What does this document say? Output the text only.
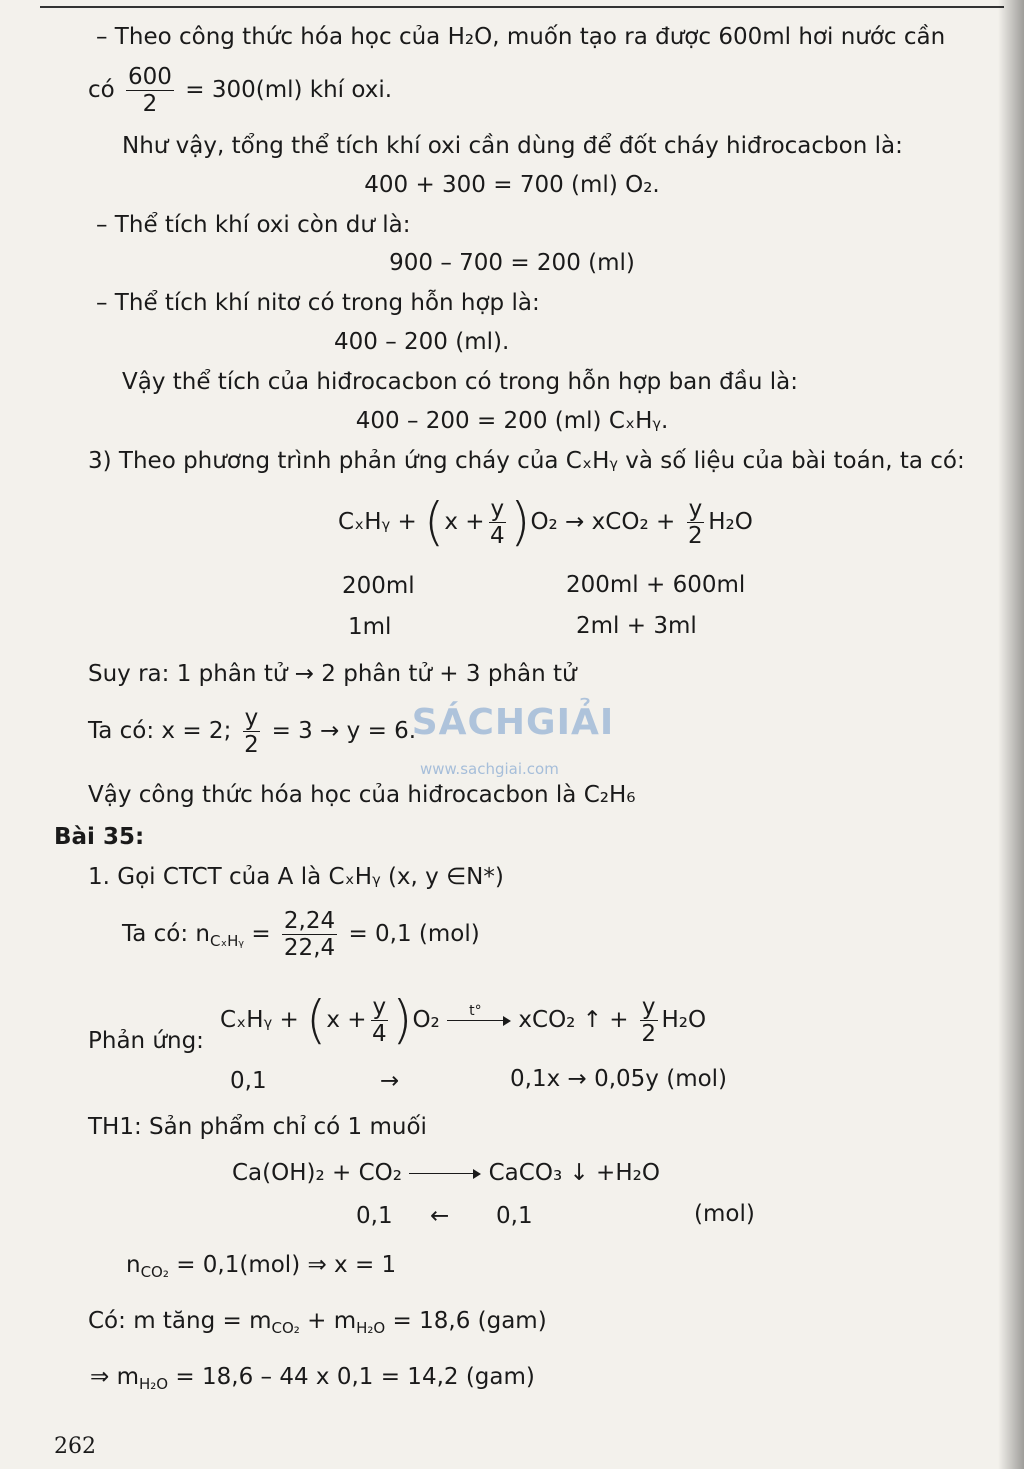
– Theo công thức hóa học của H₂O, muốn tạo ra được 600ml hơi nước cần
có $\frac{600}{2} = 300(ml)$ khí oxi.
Như vậy, tổng thể tích khí oxi cần dùng để đốt cháy hiđrocacbon là:
400 + 300 = 700 (ml) O₂.
– Thể tích khí oxi còn dư là:
900 – 700 = 200 (ml)
– Thể tích khí nitơ có trong hỗn hợp là:
400 – 200 (ml).
Vậy thể tích của hiđrocacbon có trong hỗn hợp ban đầu là:
400 – 200 = 200 (ml) CₓHᵧ.
3) Theo phương trình phản ứng cháy của CₓHᵧ và số liệu của bài toán, ta có:
CₓHᵧ + $(x + \frac{y}{4} )O_2 \to xCO_2 + \frac{y}{2} H_2O$
200ml	200ml + 600ml
1ml	2ml + 3ml
Suy ra: 1 phân tử → 2 phân tử + 3 phân tử
Ta có: x = 2; $\frac{y}{2} = 3 \to y = 6$.
SÁCHGIẢI
www.sachgiai.com
Vậy công thức hóa học của hiđrocacbon là C₂H₆
Bài 35:
1. Gọi CTCT của A là CₓHᵧ (x, y ∈N*)
Ta có: $n_{C_xHᵧ} = \frac{2,24}{22,4} = 0,1$ (mol)
Phản ứng:
CₓHᵧ + $(x + \frac{y}{4} )O_2$ t° xCO₂ ↑ + $\frac{y}{2} H_2O$
0,1	→	0,1x → 0,05y (mol)
TH1: Sản phẩm chỉ có 1 muối
Ca(OH)₂ + CO₂	CaCO₃ ↓ +H₂O
0,1 ← 0,1	(mol)
$n_{CO_2} = 0,1(mol)$ ⇒ x = 1
Có: m tăng = $m_{CO_2} + m_{H_2O} = 18,6$ (gam)
⇒ $m_{H_2O} = 18,6 - 44$ x 0,1 = 14,2 (gam)
262
